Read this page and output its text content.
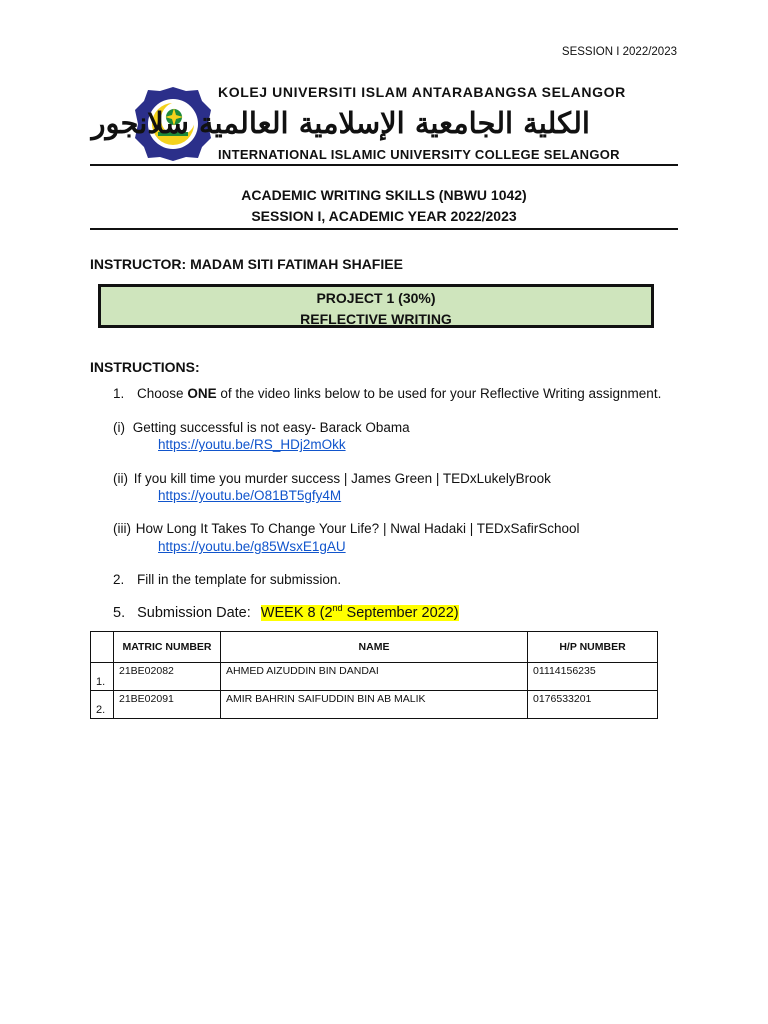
SESSION I 2022/2023
KOLEJ UNIVERSITI ISLAM ANTARABANGSA SELANGOR
الكلية الجامعية الإسلامية العالمية سلانجور
INTERNATIONAL ISLAMIC UNIVERSITY COLLEGE SELANGOR
ACADEMIC WRITING SKILLS (NBWU 1042)
SESSION I, ACADEMIC YEAR 2022/2023
INSTRUCTOR: MADAM SITI FATIMAH SHAFIEE
PROJECT 1 (30%)
REFLECTIVE WRITING
INSTRUCTIONS:
1. Choose ONE of the video links below to be used for your Reflective Writing assignment.
(i) Getting successful is not easy- Barack Obama
https://youtu.be/RS_HDj2mOkk
(ii) If you kill time you murder success | James Green | TEDxLukelyBrook
https://youtu.be/O81BT5gfy4M
(iii) How Long It Takes To Change Your Life? | Nwal Hadaki | TEDxSafirSchool
https://youtu.be/g85WsxE1gAU
2. Fill in the template for submission.
5. Submission Date: WEEK 8 (2nd September 2022)
	MATRIC NUMBER	NAME	H/P NUMBER
1.	21BE02082	AHMED AIZUDDIN BIN DANDAI	01114156235
2.	21BE02091	AMIR BAHRIN SAIFUDDIN BIN AB MALIK	0176533201
